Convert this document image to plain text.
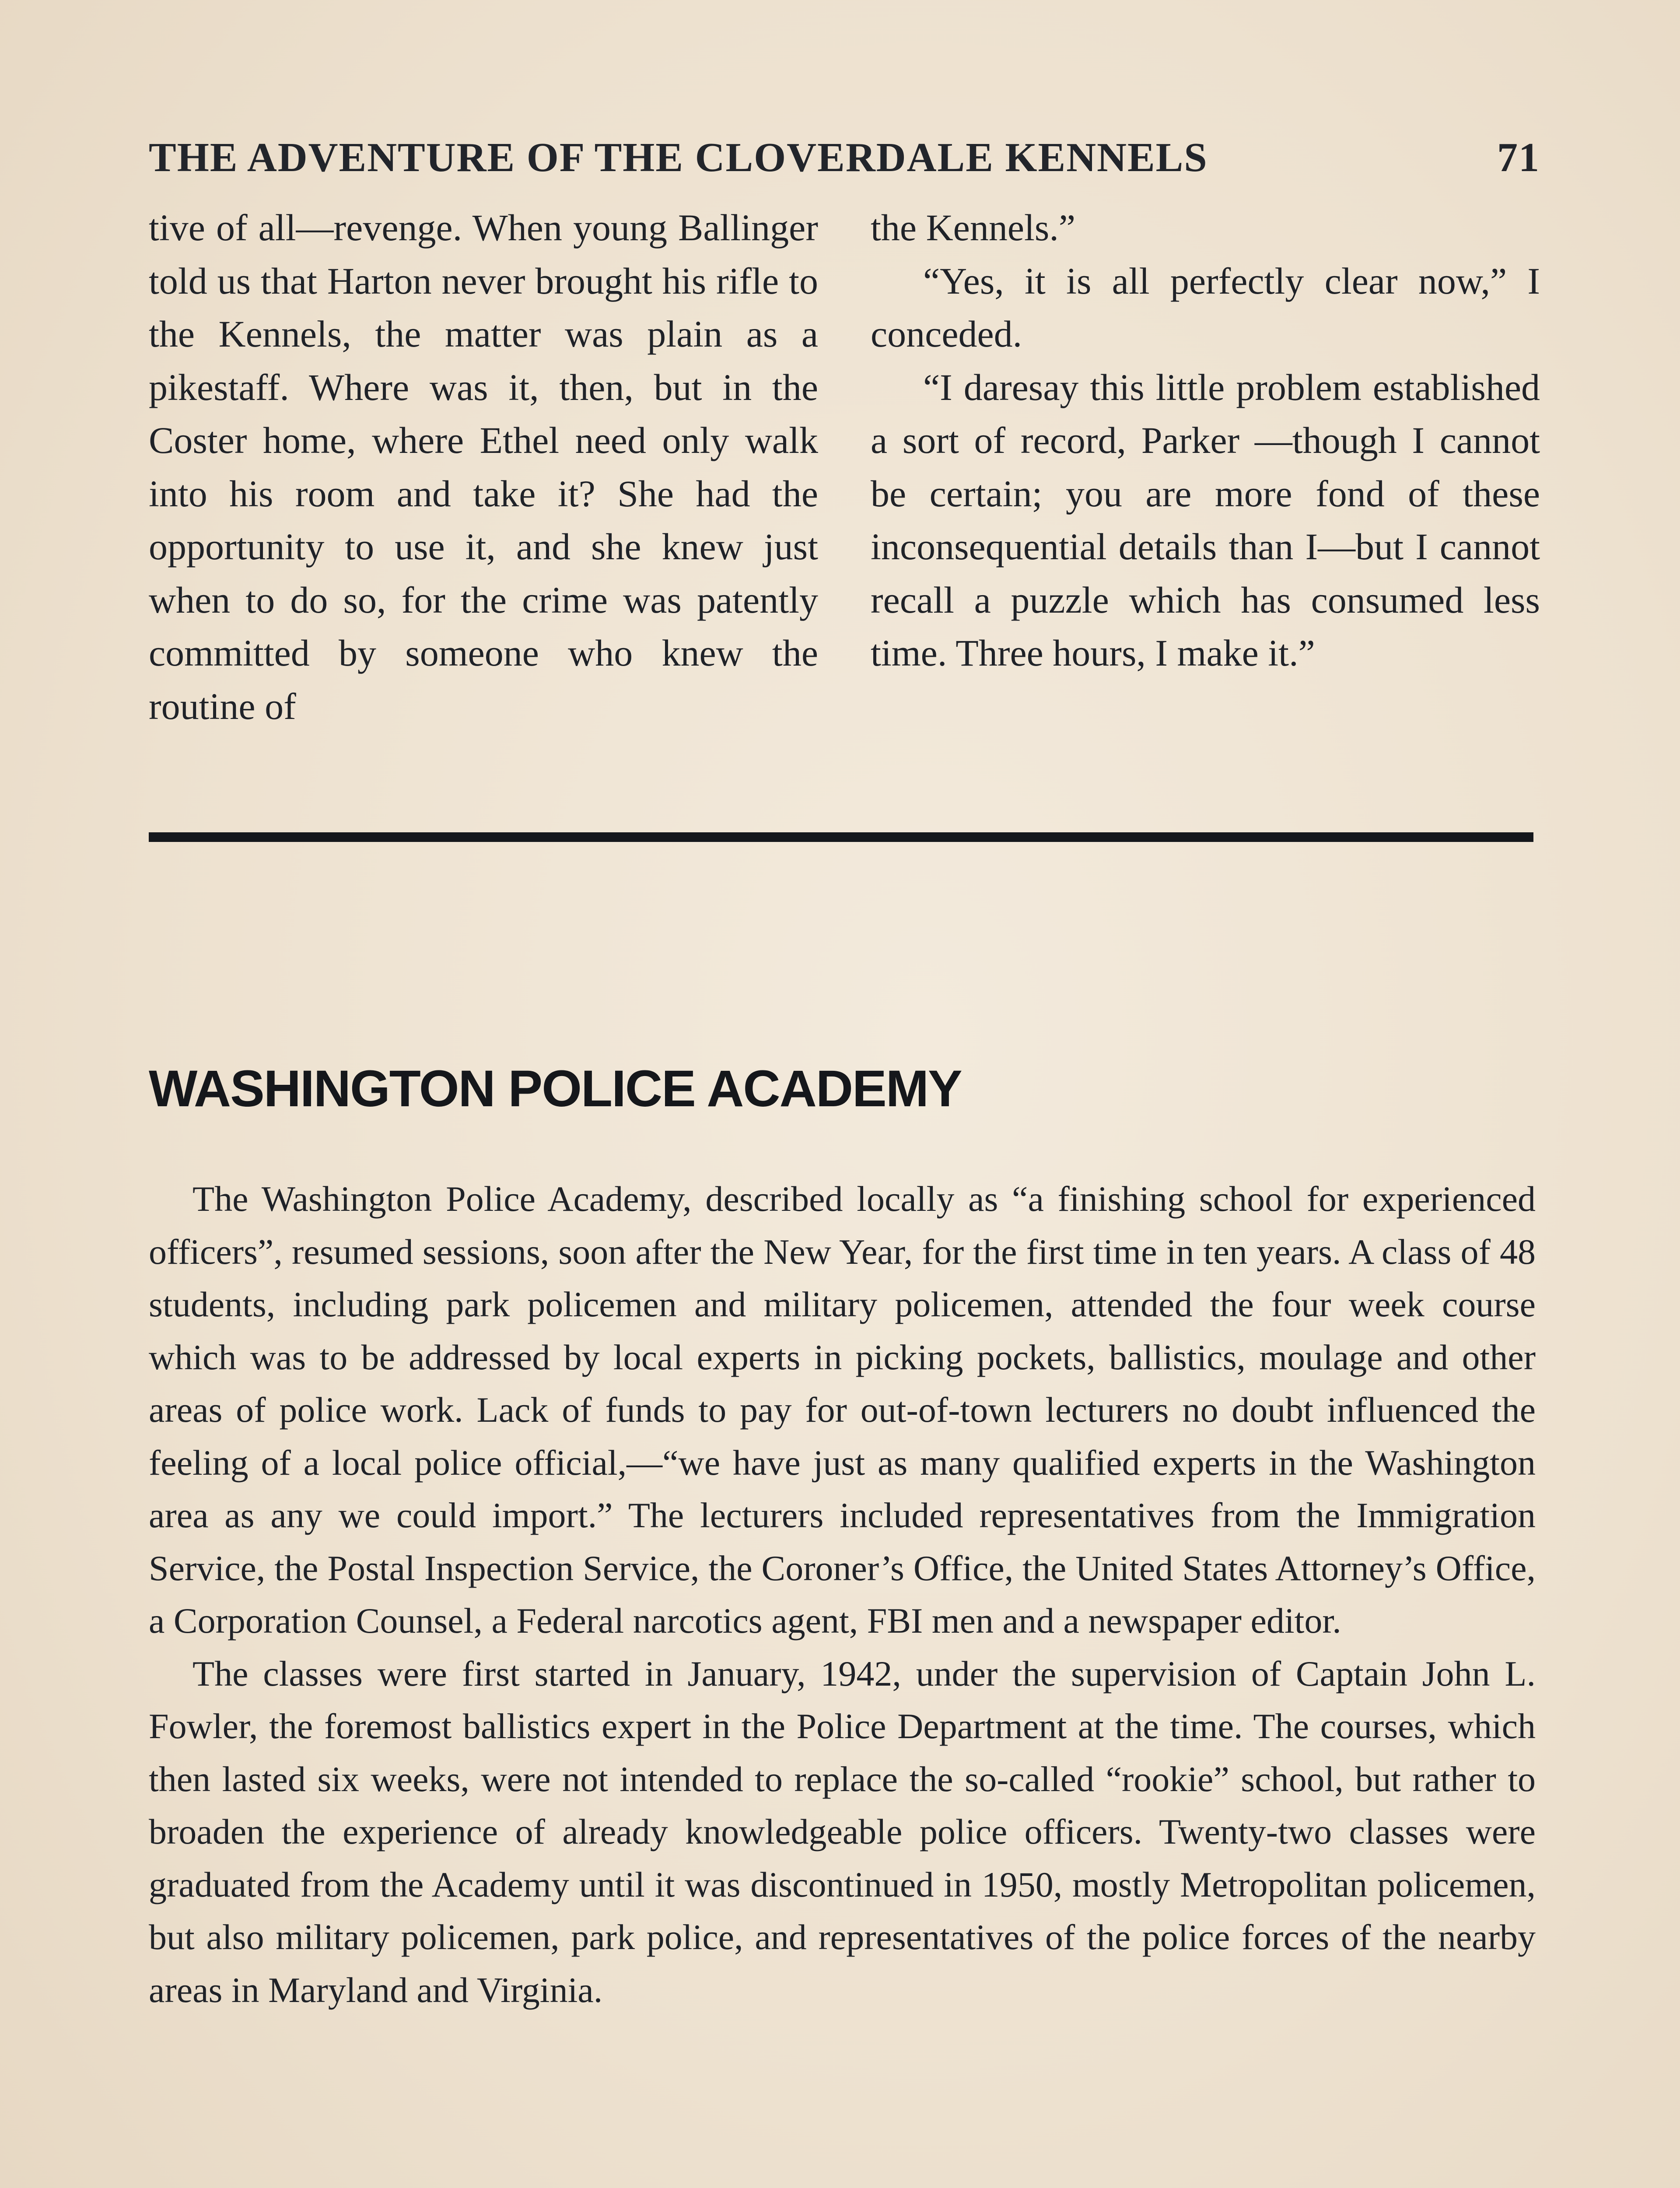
THE ADVENTURE OF THE CLOVERDALE KENNELS	71

tive of all—revenge. When young Ballinger told us that Harton never brought his rifle to the Kennels, the matter was plain as a pikestaff. Where was it, then, but in the Coster home, where Ethel need only walk into his room and take it? She had the opportunity to use it, and she knew just when to do so, for the crime was patently committed by someone who knew the routine of

the Kennels.”

“Yes, it is all perfectly clear now,” I conceded.

“I daresay this little problem established a sort of record, Parker —though I cannot be certain; you are more fond of these inconsequential details than I—but I cannot recall a puzzle which has consumed less time. Three hours, I make it.”

WASHINGTON POLICE ACADEMY

The Washington Police Academy, described locally as “a finishing school for experienced officers”, resumed sessions, soon after the New Year, for the first time in ten years. A class of 48 students, including park policemen and military policemen, attended the four week course which was to be addressed by local experts in picking pockets, ballistics, moulage and other areas of police work. Lack of funds to pay for out-of-town lecturers no doubt influenced the feeling of a local police official,—“we have just as many qualified experts in the Washington area as any we could import.” The lecturers included representatives from the Immigration Service, the Postal Inspection Service, the Coroner’s Office, the United States Attorney’s Office, a Corporation Counsel, a Federal narcotics agent, FBI men and a newspaper editor.

The classes were first started in January, 1942, under the supervision of Captain John L. Fowler, the foremost ballistics expert in the Police Department at the time. The courses, which then lasted six weeks, were not intended to replace the so-called “rookie” school, but rather to broaden the experience of already knowledgeable police officers. Twenty-two classes were graduated from the Academy until it was discontinued in 1950, mostly Metropolitan policemen, but also military policemen, park police, and representatives of the police forces of the nearby areas in Maryland and Virginia.
